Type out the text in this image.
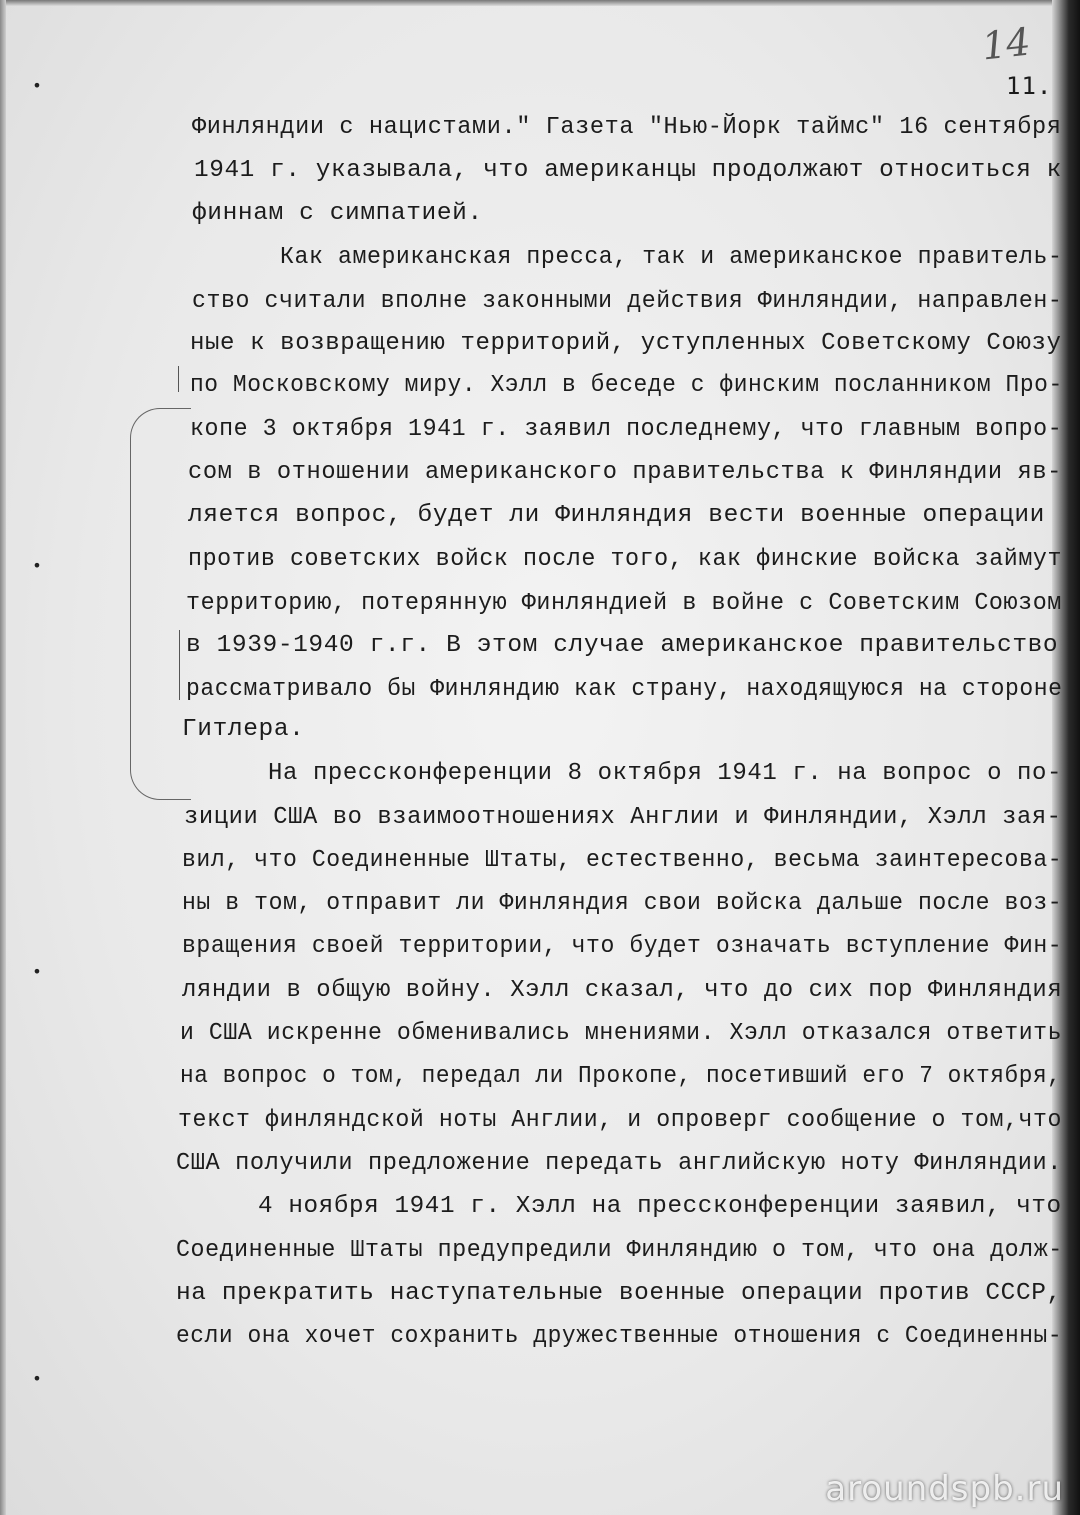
•
•
•
•
14
11.
Финляндии с нацистами." Газета "Нью-Йорк таймс" 16 сентября
1941 г. указывала, что американцы продолжают относиться к
финнам с симпатией.
Как американская пресса, так и американское правитель-
ство считали вполне законными действия Финляндии, направлен-
ные к возвращению территорий, уступленных Советскому Союзу
по Московскому миру. Хэлл в беседе с финским посланником Про-
копе 3 октября 1941 г. заявил последнему, что главным вопро-
сом в отношении американского правительства к Финляндии яв-
ляется вопрос, будет ли Финляндия вести военные операции
против советских войск после того, как финские войска займут
территорию, потерянную Финляндией в войне с Советским Союзом
в 1939-1940 г.г. В этом случае американское правительство
рассматривало бы Финляндию как страну, находящуюся на стороне
Гитлера.
На прессконференции 8 октября 1941 г. на вопрос о по-
зиции США во взаимоотношениях Англии и Финляндии, Хэлл зая-
вил, что Соединенные Штаты, естественно, весьма заинтересова-
ны в том, отправит ли Финляндия свои войска дальше после воз-
вращения своей территории, что будет означать вступление Фин-
ляндии в общую войну. Хэлл сказал, что до сих пор Финляндия
и США искренне обменивались мнениями. Хэлл отказался ответить
на вопрос о том, передал ли Прокопе, посетивший его 7 октября,
текст финляндской ноты Англии, и опроверг сообщение о том,что
США получили предложение передать английскую ноту Финляндии.
4 ноября 1941 г. Хэлл на прессконференции заявил, что
Соединенные Штаты предупредили Финляндию о том, что она долж-
на прекратить наступательные военные операции против СССР,
если она хочет сохранить дружественные отношения с Соединенны-
aroundspb.ru
